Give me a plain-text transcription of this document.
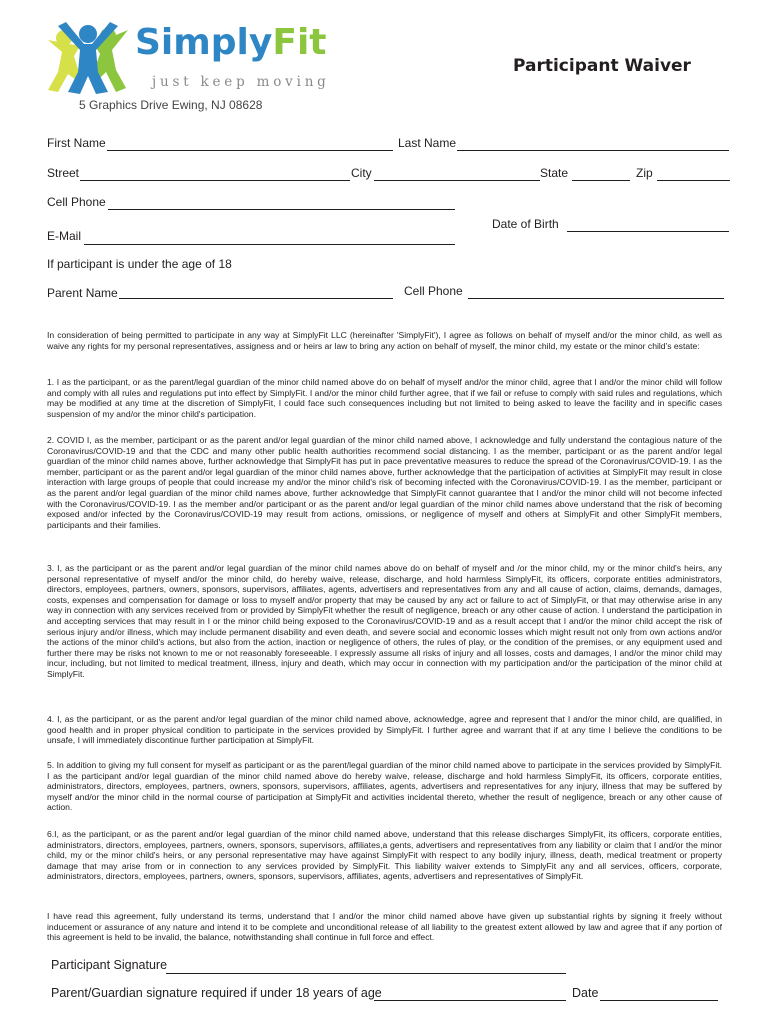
SimplyFit
just keep moving
5 Graphics Drive Ewing, NJ 08628
Participant Waiver
First Name	Last Name
Street	City	State	Zip
Cell Phone
Date of Birth
E-Mail
If participant is under the age of 18
Parent Name	Cell Phone
In consideration of being permitted to participate in any way at SimplyFit LLC (hereinafter 'SimplyFit'), I agree as follows on behalf of myself and/or the minor child, as well as waive any rights for my personal representatives, assigness and or heirs ar law to bring any action on behalf of myself, the minor child, my estate or the minor child's estate:
1. I as the participant, or as the parent/legal guardian of the minor child named above do on behalf of myself and/or the minor child, agree that I and/or the minor child will follow and comply with all rules and regulations put into effect by SimplyFit. I and/or the minor child further agree, that if we fail or refuse to comply with said rules and regulations, which may be modified at any time at the discretion of SimplyFit, I could face such consequences including but not limited to being asked to leave the facility and in specific cases suspension of my and/or the minor child's participation.
2. COVID I, as the member, participant or as the parent and/or legal guardian of the minor child named above, I acknowledge and fully understand the contagious nature of the Coronavirus/COVID-19 and that the CDC and many other public health authorities recommend social distancing. I as the member, participant or as the parent and/or legal guardian of the minor child names above, further acknowledge that SimplyFit has put in pace preventative measures to reduce the spread of the Coronavirus/COVID-19. I as the member, participant or as the parent and/or legal guardian of the minor child names above, further acknowledge that the participation of activities at SimplyFit may result in close interaction with large groups of people that could increase my and/or the minor child's risk of becoming infected with the Coronavirus/COVID-19. I as the member, participant or as the parent and/or legal guardian of the minor child names above, further acknowledge that SimplyFit cannot guarantee that I and/or the minor child will not become infected with the Coronavirus/COVID-19. I as the member and/or participant or as the parent and/or legal guardian of the minor child names above understand that the risk of becoming exposed and/or infected by the Coronavirus/COVID-19 may result from actions, omissions, or negligence of myself and others at SimplyFit and other SimplyFit members, participants and their families.
3. I, as the participant or as the parent and/or legal guardian of the minor child names above do on behalf of myself and /or the minor child, my or the minor child's heirs, any personal representative of myself and/or the minor child, do hereby waive, release, discharge, and hold harmless SimplyFit, its officers, corporate entities administrators, directors, employees, partners, owners, sponsors, supervisors, affiliates, agents, advertisers and representatives from any and all cause of action, claims, demands, damages, costs, expenses and compensation for damage or loss to myself and/or property that may be caused by any act or failure to act of SimplyFit, or that may otherwise arise in any way in connection with any services received from or provided by SimplyFit whether the result of negligence, breach or any other cause of action. I understand the participation in and accepting services that may result in I or the minor child being exposed to the Coronavirus/COVID-19 and as a result accept that I and/or the minor child accept the risk of serious injury and/or illness, which may include permanent disability and even death, and severe social and economic losses which might result not only from own actions and/or the actions of the minor child's actions, but also from the action, inaction or negligence of others, the rules of play, or the condition of the premises, or any equipment used and further there may be risks not known to me or not reasonably foreseeable. I expressly assume all risks of injury and all losses, costs and damages, I and/or the minor child may incur, including, but not limited to medical treatment, illness, injury and death, which may occur in connection with my participation and/or the participation of the minor child at SimplyFit.
4. I, as the participant, or as the parent and/or legal guardian of the minor child named above, acknowledge, agree and represent that I and/or the minor child, are qualified, in good health and in proper physical condition to participate in the services provided by SimplyFit. I further agree and warrant that if at any time I believe the conditions to be unsafe, I will immediately discontinue further participation at SimplyFit.
5. In addition to giving my full consent for myself as participant or as the parent/legal guardian of the minor child named above to participate in the services provided by SimplyFit. I as the participant and/or legal guardian of the minor child named above do hereby waive, release, discharge and hold harmless SimplyFit, its officers, corporate entities, administrators, directors, employees, partners, owners, sponsors, supervisors, affiliates, agents, advertisers and representatives for any injury, illness that may be suffered by myself and/or the minor child in the normal course of participation at SimplyFit and activities incidental thereto, whether the result of negligence, breach or any other cause of action.
6.I, as the participant, or as the parent and/or legal guardian of the minor child named above, understand that this release discharges SimplyFit, its officers, corporate entities, administrators, directors, employees, partners, owners, sponsors, supervisors, affiliates,a gents, advertisers and representatives from any liability or claim that I and/or the minor child, my or the minor child's heirs, or any personal representative may have against SimplyFit with respect to any bodily injury, illness, death, medical treatment or property damage that may arise from or in connection to any services provided by SimplyFit. This liability waiver extends to SimplyFit any and all services, officers, corporate, administrators, directors, employees, partners, owners, sponsors, supervisors, affiliates, agents, advertisers and representatives of SimplyFit.
I have read this agreement, fully understand its terms, understand that I and/or the minor child named above have given up substantial rights by signing it freely without inducement or assurance of any nature and intend it to be complete and unconditional release of all liability to the greatest extent allowed by law and agree that if any portion of this agreement is held to be invalid, the balance, notwithstanding shall continue in full force and effect.
Participant Signature
Parent/Guardian signature required if under 18 years of age	Date
